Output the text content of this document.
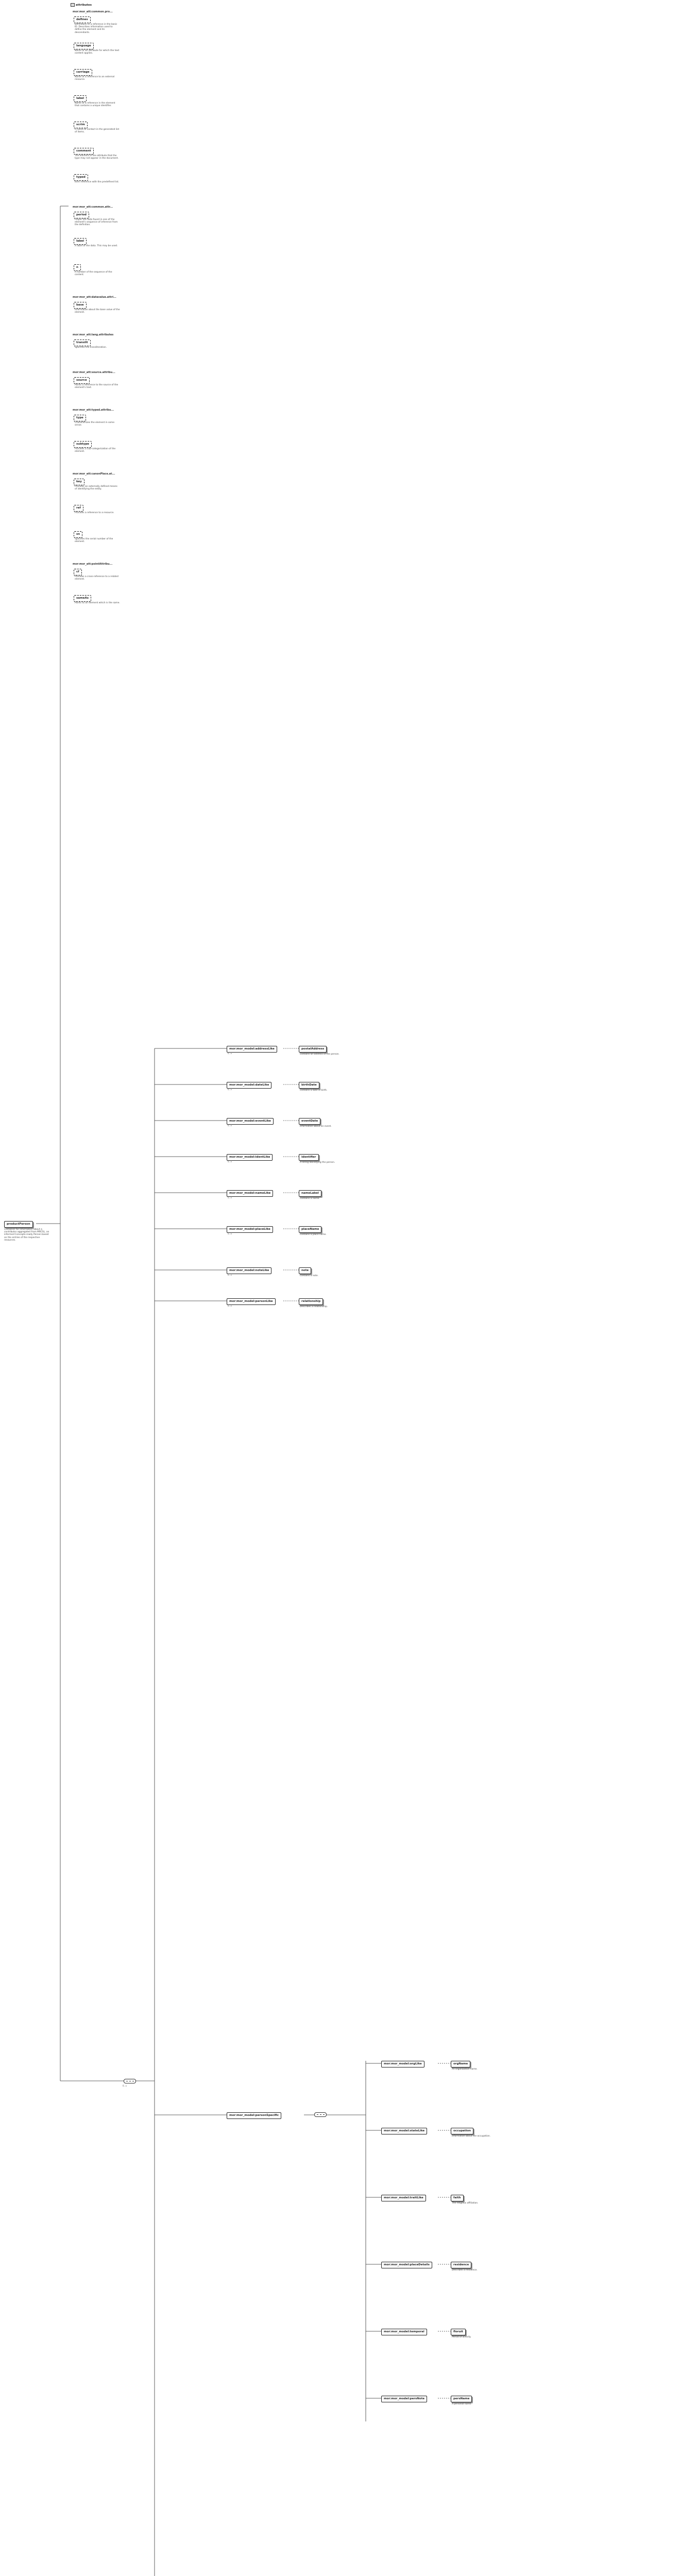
attributes
mor:mor_att:common.pro...
defines
Definitions of a reference in the basic ID. Describes information used to define the element and its descendants.
language
Name of an attribute for which the text content applies.
carriage
Name of a reference to an external resource.
label
Name of a reference in the element that contains a unique identifier.
scrim
A name of contact in the generated list of items.
comment
The element of the attribute that the type may not appear in the document.
typed
Item reference with the predefined list.
mor:mor_att:common.attr...
period
Proper the data found in one of the element's sequence of inference from the definition.
label
A label of the data. This may be used.
n
A number of the sequence of the content.
mor:mor_att:datavalue.attri...
base
Information about the base value of the element.
mor:mor_att:lang.attributes
translit
Specifies the transliteration.
mor:mor_att:source.attribu...
source
Points a reference to the source of the element's text.
mor:mor_att:typed.attribu...
type
Characterizes the element in some sense.
subtype
Provides a sub-categorization of the element.
mor:mor_att:canonPlace.at...
key
Provides an externally defined means of identifying the entity.
ref
Provides a reference to a resource.
sn
Specifies the serial number of the element.
mor:mor_att:pointAttribu...
cf
Provides a cross-reference to a related element.
sameAs
Points to an element which is the same.
productPerson
Container for information about a contributor aggregated from MRCSL, an informed Concepts-ready Person based on the entries of the respective resources.
0..∞
mor:mor_model:addressLike
0..∞
postalAddress
Contains an address of the person.
mor:mor_model:dateLike
0..∞
birthDate
Contains a date of birth.
mor:mor_model:eventLike
0..∞
eventDate
Information about an event.
mor:mor_model:identLike
0..∞
identifier
A string identifying the person.
mor:mor_model:nameLike
0..∞
nameLabel
Contains a name.
mor:mor_model:placeLike
0..∞
placeName
Contains a place name.
mor:mor_model:noteLike
0..∞
note
Contains a note.
mor:mor_model:personLike
0..∞
relationship
Describes a relationship.
mor:mor_model:personSpecific
mor:mor_model:orgLike	orgName
An organization name.
mor:mor_model:stateLike	occupation
Information about the occupation.
mor:mor_model:traitLike	faith
The religious affiliation.
mor:mor_model:placeDetails	residence
Describes a residence.
mor:mor_model:temporal	floruit
Period of activity.
mor:mor_model:persNote	persName
A personal name.
